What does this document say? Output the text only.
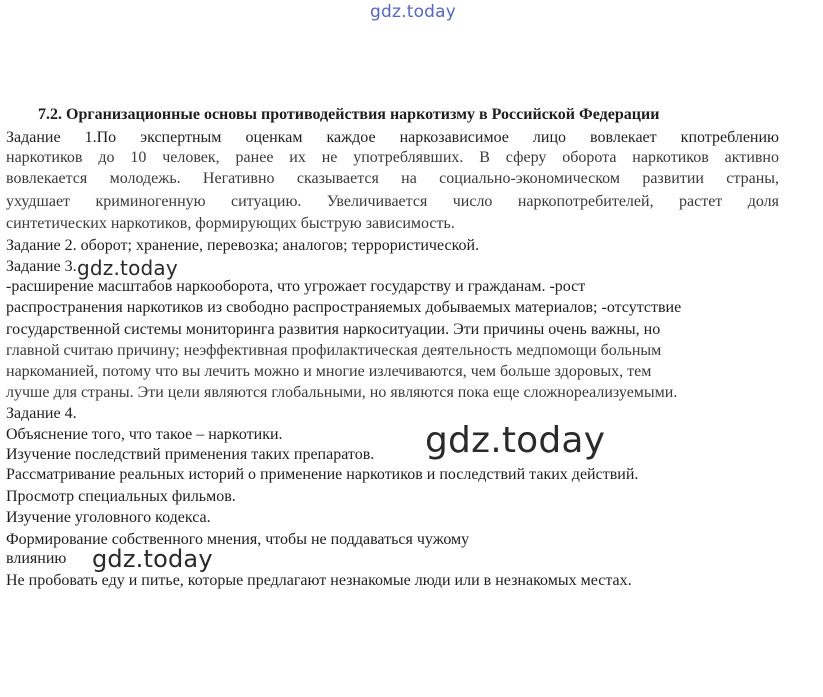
gdz.today
7.2. Организационные основы противодействия наркотизму в Российской Федерации
Задание 1.По экспертным оценкам каждое наркозависимое лицо вовлекает кпотреблению
наркотиков до 10 человек, ранее их не употреблявших. В сферу оборота наркотиков активно
вовлекается молодежь. Негативно сказывается на социально-экономическом развитии страны,
ухудшает криминогенную ситуацию. Увеличивается число наркопотребителей, растет доля
синтетических наркотиков, формирующих быструю зависимость.
Задание 2. оборот; хранение, перевозка; аналогов; террористической.
Задание 3.
-расширение масштабов наркооборота, что угрожает государству и гражданам. -рост
распространения наркотиков из свободно распространяемых добываемых материалов; -отсутствие
государственной системы мониторинга развития наркоситуации. Эти причины очень важны, но
главной считаю причину; неэффективная профилактическая деятельность медпомощи больным
наркоманией, потому что вы лечить можно и многие излечиваются, чем больше здоровых, тем
лучше для страны. Эти цели являются глобальными, но являются пока еще сложнореализуемыми.
Задание 4.
Объяснение того, что такое – наркотики.
Изучение последствий применения таких препаратов.
Рассматривание реальных историй о применение наркотиков и последствий таких действий.
Просмотр специальных фильмов.
Изучение уголовного кодекса.
Формирование собственного мнения, чтобы не поддаваться чужому
влиянию
Не пробовать еду и питье, которые предлагают незнакомые люди или в незнакомых местах.
gdz.today
gdz.today
gdz.today
